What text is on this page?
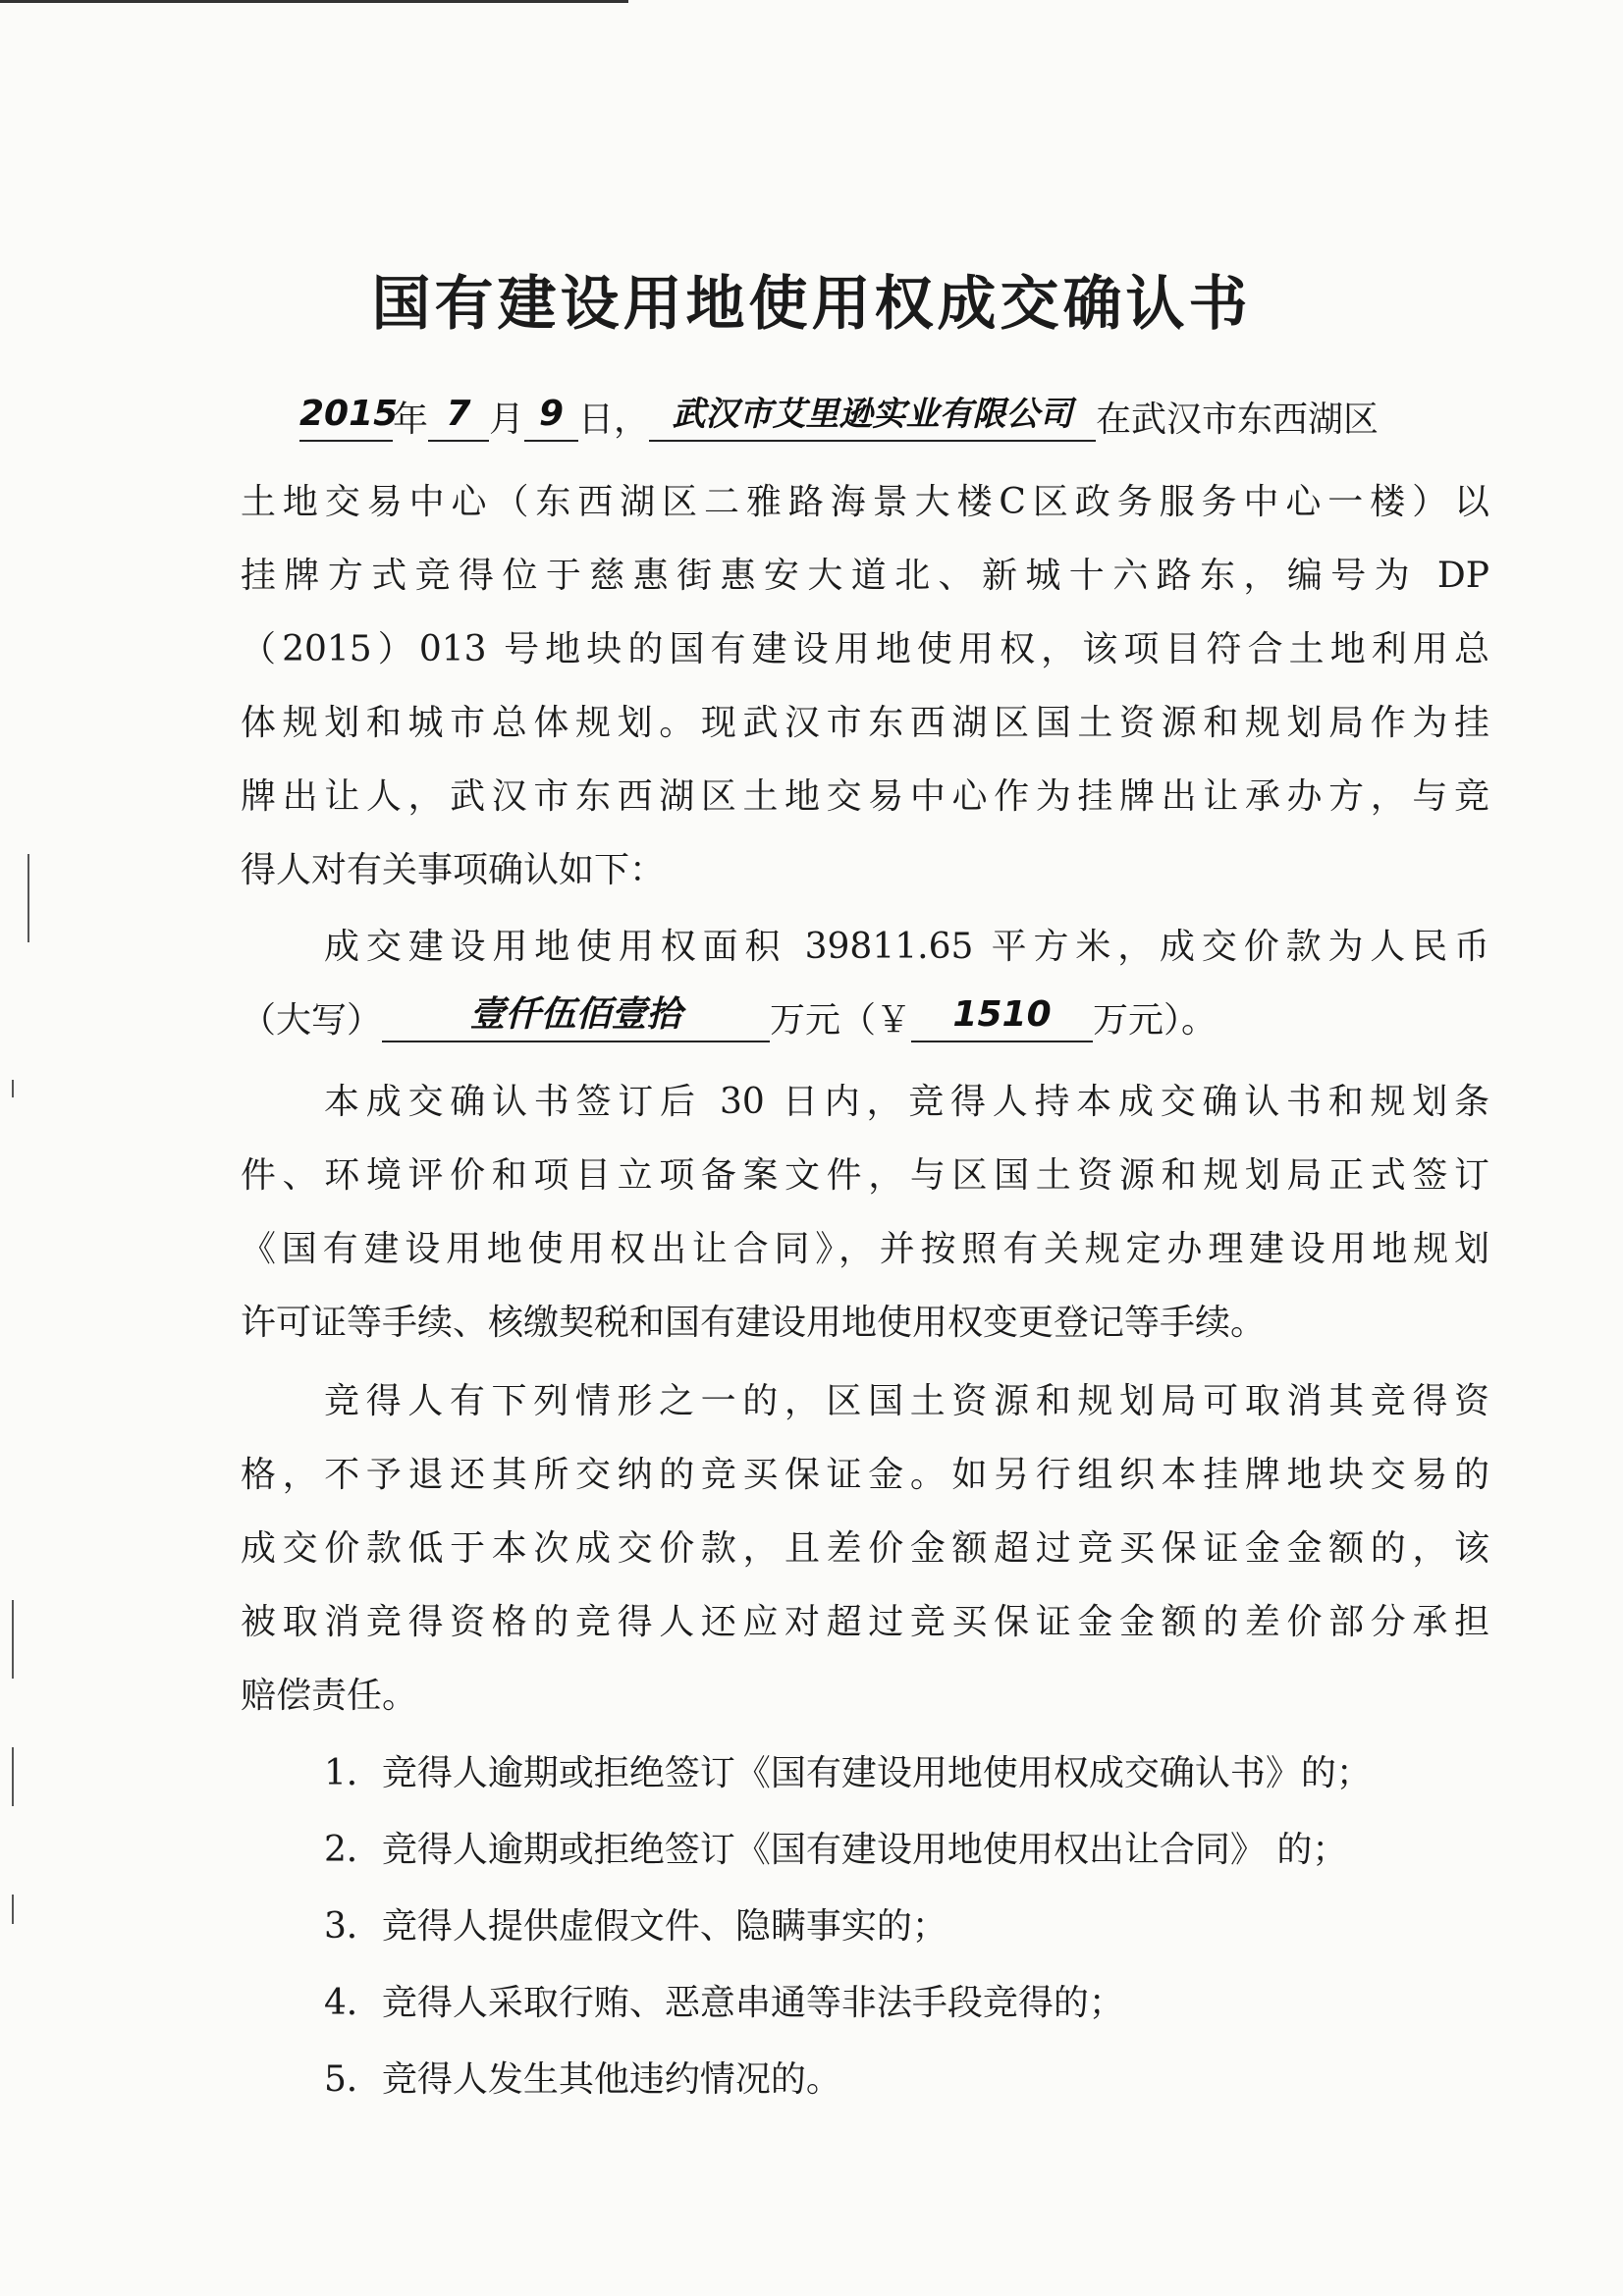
国有建设用地使用权成交确认书
2015年 7 月 9 日， 武汉市艾里逊实业有限公司 在武汉市东西湖区
土地交易中心（东西湖区二雅路海景大楼C区政务服务中心一楼）以
挂牌方式竞得位于慈惠街惠安大道北、新城十六路东，编号为 DP
（2015）013 号地块的国有建设用地使用权，该项目符合土地利用总
体规划和城市总体规划。现武汉市东西湖区国土资源和规划局作为挂
牌出让人，武汉市东西湖区土地交易中心作为挂牌出让承办方，与竞
得人对有关事项确认如下：
成交建设用地使用权面积 39811.65 平方米，成交价款为人民币
（大写） 壹仟伍佰壹拾 万元（￥ 1510 万元）。
本成交确认书签订后 30 日内，竞得人持本成交确认书和规划条
件、环境评价和项目立项备案文件，与区国土资源和规划局正式签订
《国有建设用地使用权出让合同》，并按照有关规定办理建设用地规划
许可证等手续、核缴契税和国有建设用地使用权变更登记等手续。
竞得人有下列情形之一的，区国土资源和规划局可取消其竞得资
格，不予退还其所交纳的竞买保证金。如另行组织本挂牌地块交易的
成交价款低于本次成交价款，且差价金额超过竞买保证金金额的，该
被取消竞得资格的竞得人还应对超过竞买保证金金额的差价部分承担
赔偿责任。
1．竞得人逾期或拒绝签订《国有建设用地使用权成交确认书》的；
2．竞得人逾期或拒绝签订《国有建设用地使用权出让合同》 的；
3．竞得人提供虚假文件、隐瞒事实的；
4．竞得人采取行贿、恶意串通等非法手段竞得的；
5．竞得人发生其他违约情况的。
